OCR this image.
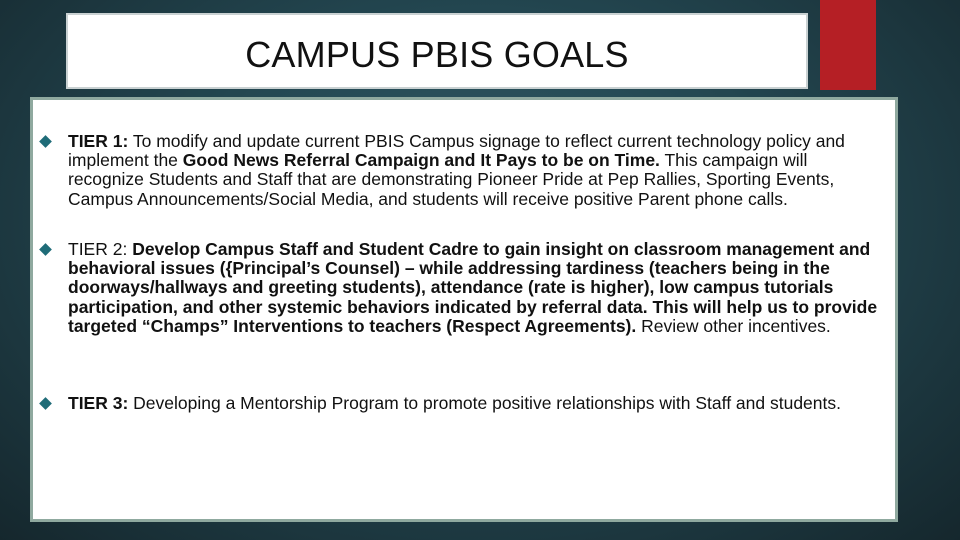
CAMPUS PBIS GOALS
TIER 1: To modify and update current PBIS Campus signage to reflect current technology policy and implement the Good News Referral Campaign and It Pays to be on Time. This campaign will recognize Students and Staff that are demonstrating Pioneer Pride at Pep Rallies, Sporting Events, Campus Announcements/Social Media, and students will receive positive Parent phone calls.
TIER 2: Develop Campus Staff and Student Cadre to gain insight on classroom management and behavioral issues ({Principal’s Counsel) – while addressing tardiness (teachers being in the doorways/hallways and greeting students), attendance (rate is higher), low campus tutorials participation, and other systemic behaviors indicated by referral data. This will help us to provide targeted “Champs” Interventions to teachers (Respect Agreements). Review other incentives.
TIER 3: Developing a Mentorship Program to promote positive relationships with Staff and students.
